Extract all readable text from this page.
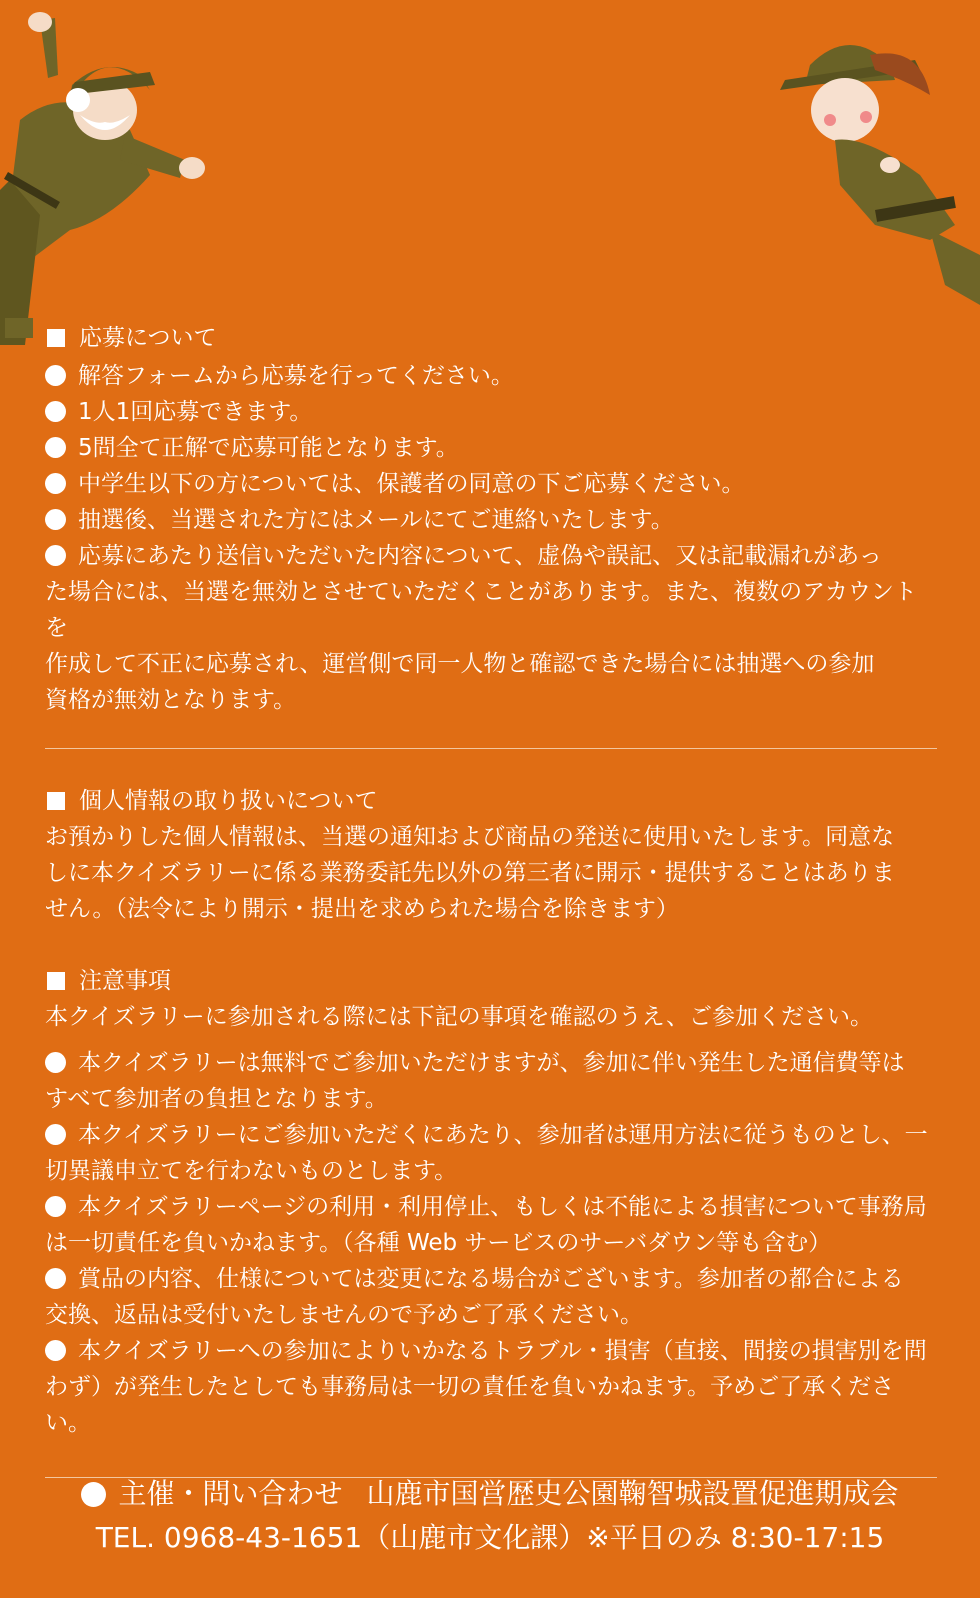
応募について

解答フォームから応募を行ってください。

1人1回応募できます。

5問全て正解で応募可能となります。

中学生以下の方については、保護者の同意の下ご応募ください。

抽選後、当選された方にはメールにてご連絡いたします。

応募にあたり送信いただいた内容について、虚偽や誤記、又は記載漏れがあっ

た場合には、当選を無効とさせていただくことがあります。また、複数のアカウントを

作成して不正に応募され、運営側で同一人物と確認できた場合には抽選への参加

資格が無効となります。

個人情報の取り扱いについて

お預かりした個人情報は、当選の通知および商品の発送に使用いたします。同意な

しに本クイズラリーに係る業務委託先以外の第三者に開示・提供することはありま

せん。（法令により開示・提出を求められた場合を除きます）

注意事項

本クイズラリーに参加される際には下記の事項を確認のうえ、ご参加ください。

本クイズラリーは無料でご参加いただけますが、参加に伴い発生した通信費等は

すべて参加者の負担となります。

本クイズラリーにご参加いただくにあたり、参加者は運用方法に従うものとし、一

切異議申立てを行わないものとします。

本クイズラリーページの利用・利用停止、もしくは不能による損害について事務局

は一切責任を負いかねます。（各種 Web サービスのサーバダウン等も含む）

賞品の内容、仕様については変更になる場合がございます。参加者の都合による

交換、返品は受付いたしませんので予めご了承ください。

本クイズラリーへの参加によりいかなるトラブル・損害（直接、間接の損害別を問

わず）が発生したとしても事務局は一切の責任を負いかねます。予めご了承ください。

主催・問い合わせ 山鹿市国営歴史公園鞠智城設置促進期成会
TEL. 0968-43-1651（山鹿市文化課）※平日のみ 8:30-17:15
